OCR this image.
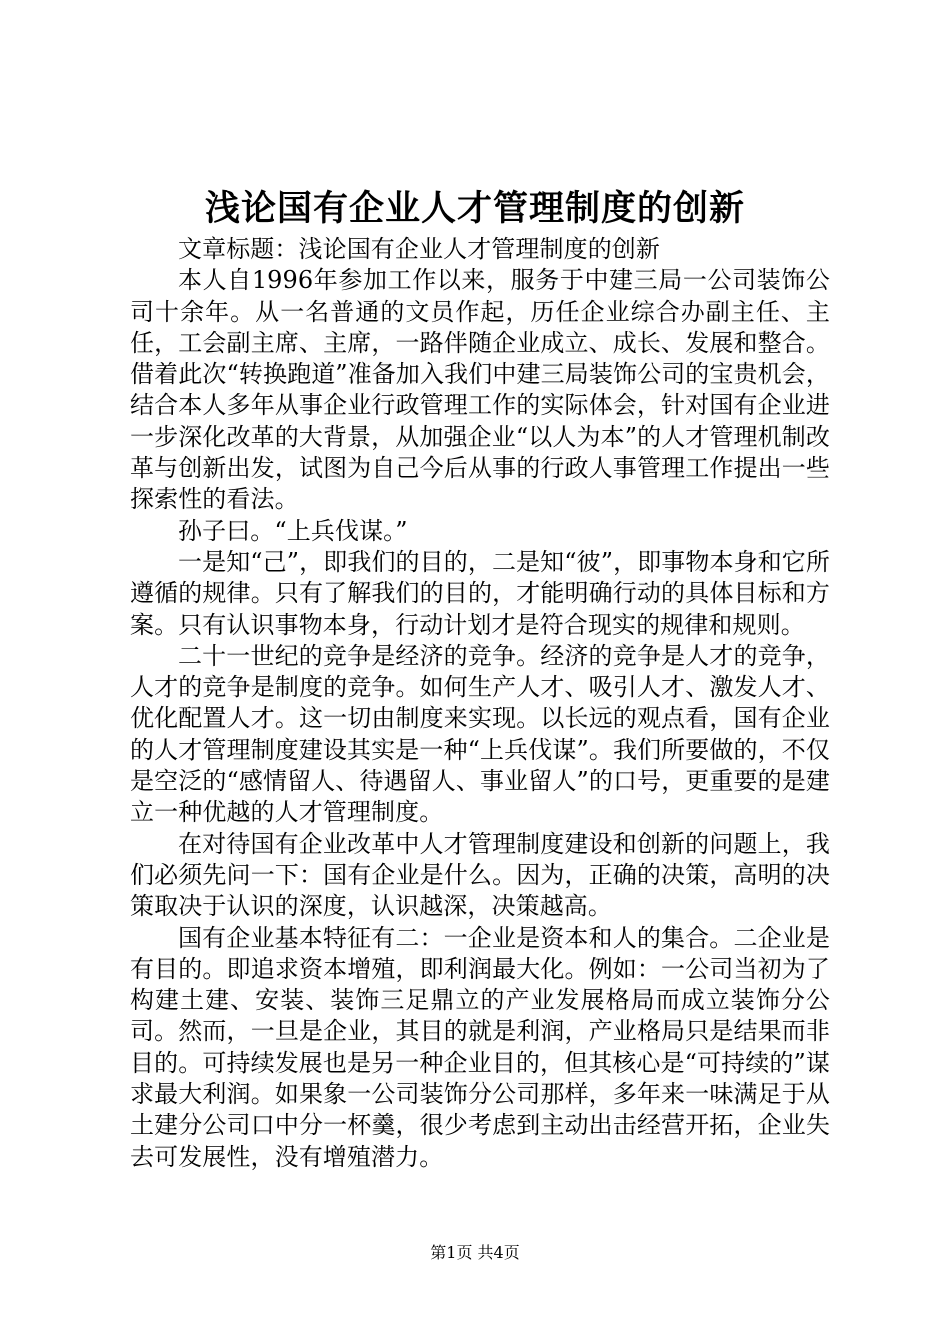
浅论国有企业人才管理制度的创新

文章标题：浅论国有企业人才管理制度的创新

本人自1996年参加工作以来，服务于中建三局一公司装饰公司十余年。从一名普通的文员作起，历任企业综合办副主任、主任，工会副主席、主席，一路伴随企业成立、成长、发展和整合。借着此次“转换跑道”准备加入我们中建三局装饰公司的宝贵机会，结合本人多年从事企业行政管理工作的实际体会，针对国有企业进一步深化改革的大背景，从加强企业“以人为本”的人才管理机制改革与创新出发，试图为自己今后从事的行政人事管理工作提出一些探索性的看法。

孙子曰。“上兵伐谋。”

一是知“己”，即我们的目的，二是知“彼”，即事物本身和它所遵循的规律。只有了解我们的目的，才能明确行动的具体目标和方案。只有认识事物本身，行动计划才是符合现实的规律和规则。

二十一世纪的竞争是经济的竞争。经济的竞争是人才的竞争，人才的竞争是制度的竞争。如何生产人才、吸引人才、激发人才、优化配置人才。这一切由制度来实现。以长远的观点看，国有企业的人才管理制度建设其实是一种“上兵伐谋”。我们所要做的，不仅是空泛的“感情留人、待遇留人、事业留人”的口号，更重要的是建立一种优越的人才管理制度。

在对待国有企业改革中人才管理制度建设和创新的问题上，我们必须先问一下：国有企业是什么。因为，正确的决策，高明的决策取决于认识的深度，认识越深，决策越高。

国有企业基本特征有二：一企业是资本和人的集合。二企业是有目的。即追求资本增殖，即利润最大化。例如：一公司当初为了构建土建、安装、装饰三足鼎立的产业发展格局而成立装饰分公司。然而，一旦是企业，其目的就是利润，产业格局只是结果而非目的。可持续发展也是另一种企业目的，但其核心是“可持续的”谋求最大利润。如果象一公司装饰分公司那样，多年来一味满足于从土建分公司口中分一杯羹，很少考虑到主动出击经营开拓，企业失去可发展性，没有增殖潜力。

第1页 共4页
